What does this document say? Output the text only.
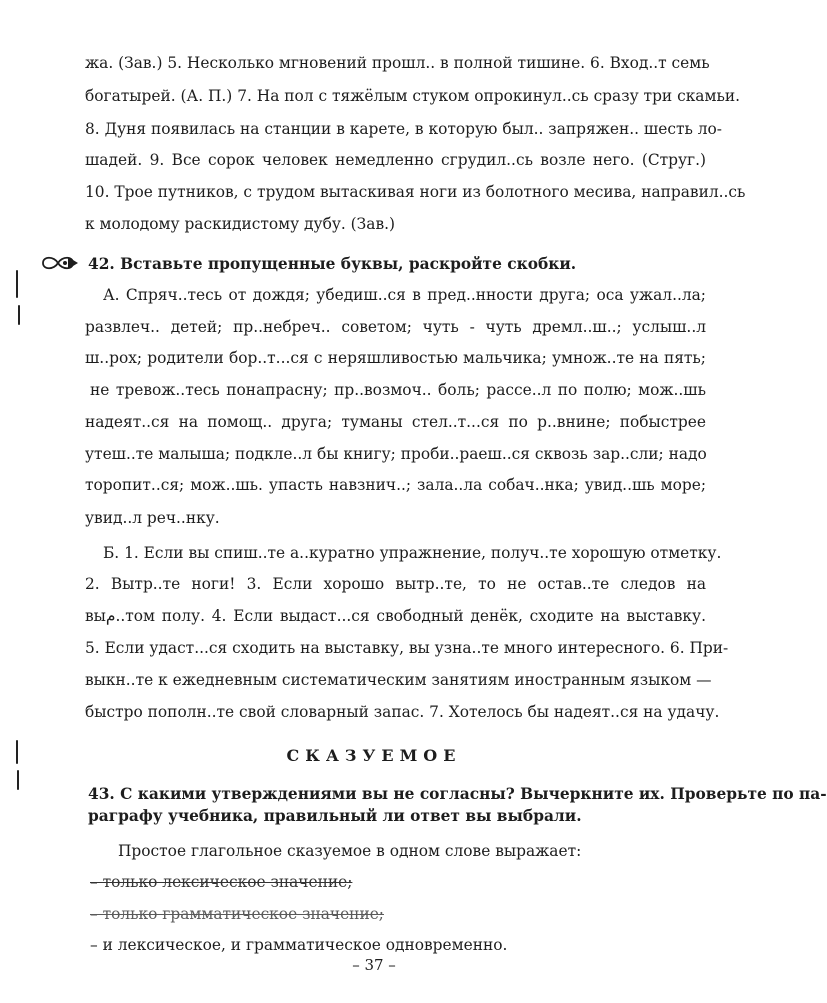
жа. (Зав.) 5. Несколько мгновений прошл.. в полной тишине. 6. Вход..т семь
богатырей. (А. П.) 7. На пол с тяжёлым стуком опрокинул..сь сразу три скамьи.
8. Дуня появилась на станции в карете, в которую был.. запряжен.. шесть ло-
шадей. 9. Все сорок человек немедленно сгрудил..сь возле него. (Струг.)
10. Трое путников, с трудом вытаскивая ноги из болотного месива, направил..сь
к молодому раскидистому дубу. (Зав.)
42. Вставьте пропущенные буквы, раскройте скобки.
А. Спряч..тесь от дождя; убедиш..ся в пред..нности друга; оса ужал..ла;
развлеч.. детей; пр..небреч.. советом; чуть - чуть дремл..ш..; услыш..л
ш..рох; родители бор..т...ся с неряшливостью мальчика; умнож..те на пять;
не тревож..тесь понапрасну; пр..возмоч.. боль; рассе..л по полю; мож..шь
надеят..ся на помощ.. друга; туманы стел..т...ся по р..внине; побыстрее
утеш..те малыша; подкле..л бы книгу; проби..раеш..ся сквозь зар..сли; надо
торопит..ся; мож..шь. упасть навзнич..; зала..ла собач..нка; увид..шь море;
увид..л реч..нку.
Б. 1. Если вы спиш..те а..куратно упражнение, получ..те хорошую отметку.
2. Вытр..те ноги! 3. Если хорошо вытр..те, то не остав..те следов на
выم..том полу. 4. Если выдаст...ся свободный денёк, сходите на выставку.
5. Если удаст...ся сходить на выставку, вы узна..те много интересного. 6. При-
выкн..те к ежедневным систематическим занятиям иностранным языком —
быстро пополн..те свой словарный запас. 7. Хотелось бы надеят..ся на удачу.
СКАЗУЕМОЕ
43. С какими утверждениями вы не согласны? Вычеркните их. Проверьте по па-
раграфу учебника, правильный ли ответ вы выбрали.
Простое глагольное сказуемое в одном слове выражает:
– только лексическое значение;
– только грамматическое значение;
– и лексическое, и грамматическое одновременно.
– 37 –
